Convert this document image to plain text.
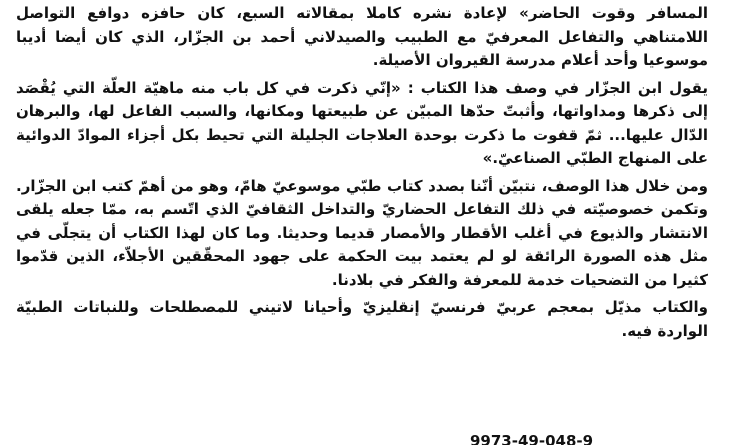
المسافر وقوت الحاضر» لإعادة نشره كاملا بمقالاته السبع، كان حافزه دوافع التواصل اللامتناهي والتفاعل المعرفيّ مع الطبيب والصيدلاني أحمد بن الجزّار، الذي كان أيضا أديبا موسوعيا وأحد أعلام مدرسة القيروان الأصيلة.

يقول ابن الجزّار في وصف هذا الكتاب : «إنّي ذكرت في كل باب منه ماهيّة العلّة التي يُقْصَد إلى ذكرها ومداواتها، وأثبتّ حدّها المبيّن عن طبيعتها ومكانها، والسبب الفاعل لها، والبرهان الدّال عليها... ثمّ قفوت ما ذكرت بوحدة العلاجات الجليلة التي تحيط بكل أجزاء الموادّ الدوائية على المنهاج الطبّي الصناعيّ.»

ومن خلال هذا الوصف، نتبيّن أنّنا بصدد كتاب طبّي موسوعيّ هامّ، وهو من أهمّ كتب ابن الجزّار. وتكمن خصوصيّته في ذلك التفاعل الحضاريّ والتداخل الثقافيّ الذي اتّسم به، ممّا جعله يلقى الانتشار والذيوع في أغلب الأقطار والأمصار قديما وحديثا. وما كان لهذا الكتاب أن يتجلّى في مثل هذه الصورة الرائقة لو لم يعتمد بيت الحكمة على جهود المحقّقين الأجلاّء، الذين قدّموا كثيرا من التضحيات خدمة للمعرفة والفكر في بلادنا.

والكتاب مذيّل بمعجم عربيّ فرنسيّ إنقليزيّ وأحيانا لاتيني للمصطلحات وللنباتات الطبيّة الواردة فيه.

9973-49-048-9
